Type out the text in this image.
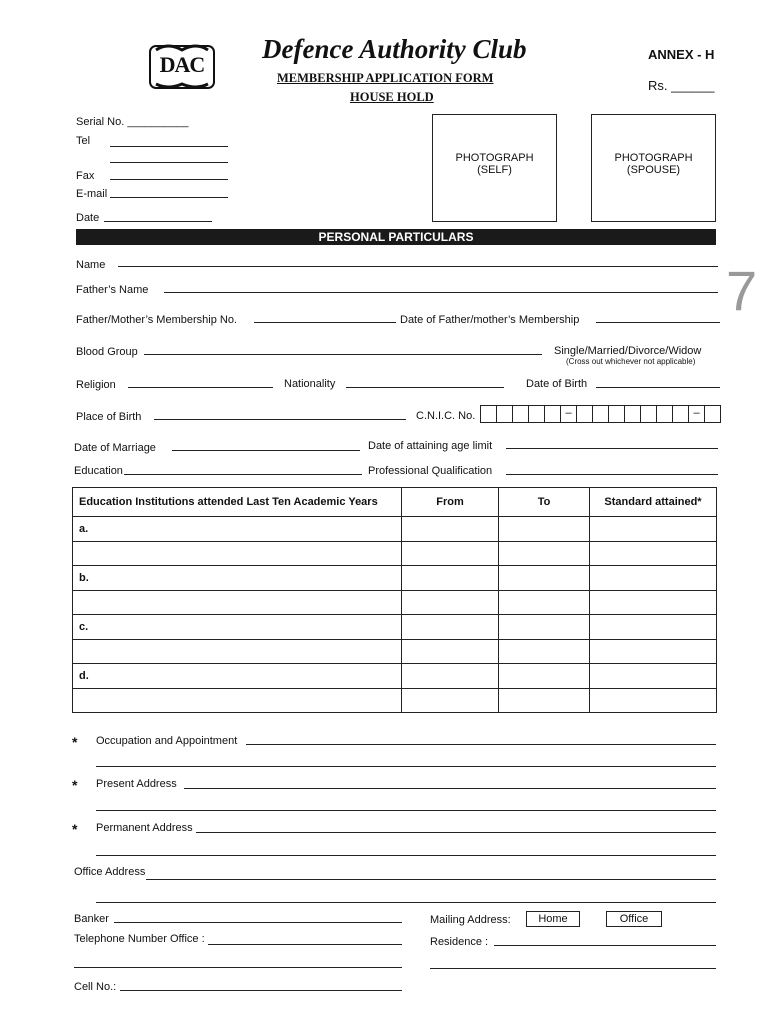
DAC
Defence Authority Club
MEMBERSHIP APPLICATION FORM
HOUSE HOLD
ANNEX - H
Rs. ______
7
Serial No. __________
Tel
Fax
E-mail
Date
PHOTOGRAPH
(SELF)
PHOTOGRAPH
(SPOUSE)
PERSONAL PARTICULARS
Name
Father’s Name
Father/Mother’s Membership No.	Date of Father/mother’s Membership
Blood Group	Single/Married/Divorce/Widow
(Cross out whichever not applicable)
Religion	Nationality	Date of Birth
Place of Birth	C.N.I.C. No.	–	–
Date of Marriage	Date of attaining age limit
Education	Professional Qualification
Education Institutions attended Last Ten Academic Years	From	To	Standard attained*
a.			

b.			

c.			

d.			

* Occupation and Appointment
* Present Address
* Permanent Address
Office Address
Banker
Telephone Number Office :
Mailing Address:	Home	Office
Residence :
Cell No.:
